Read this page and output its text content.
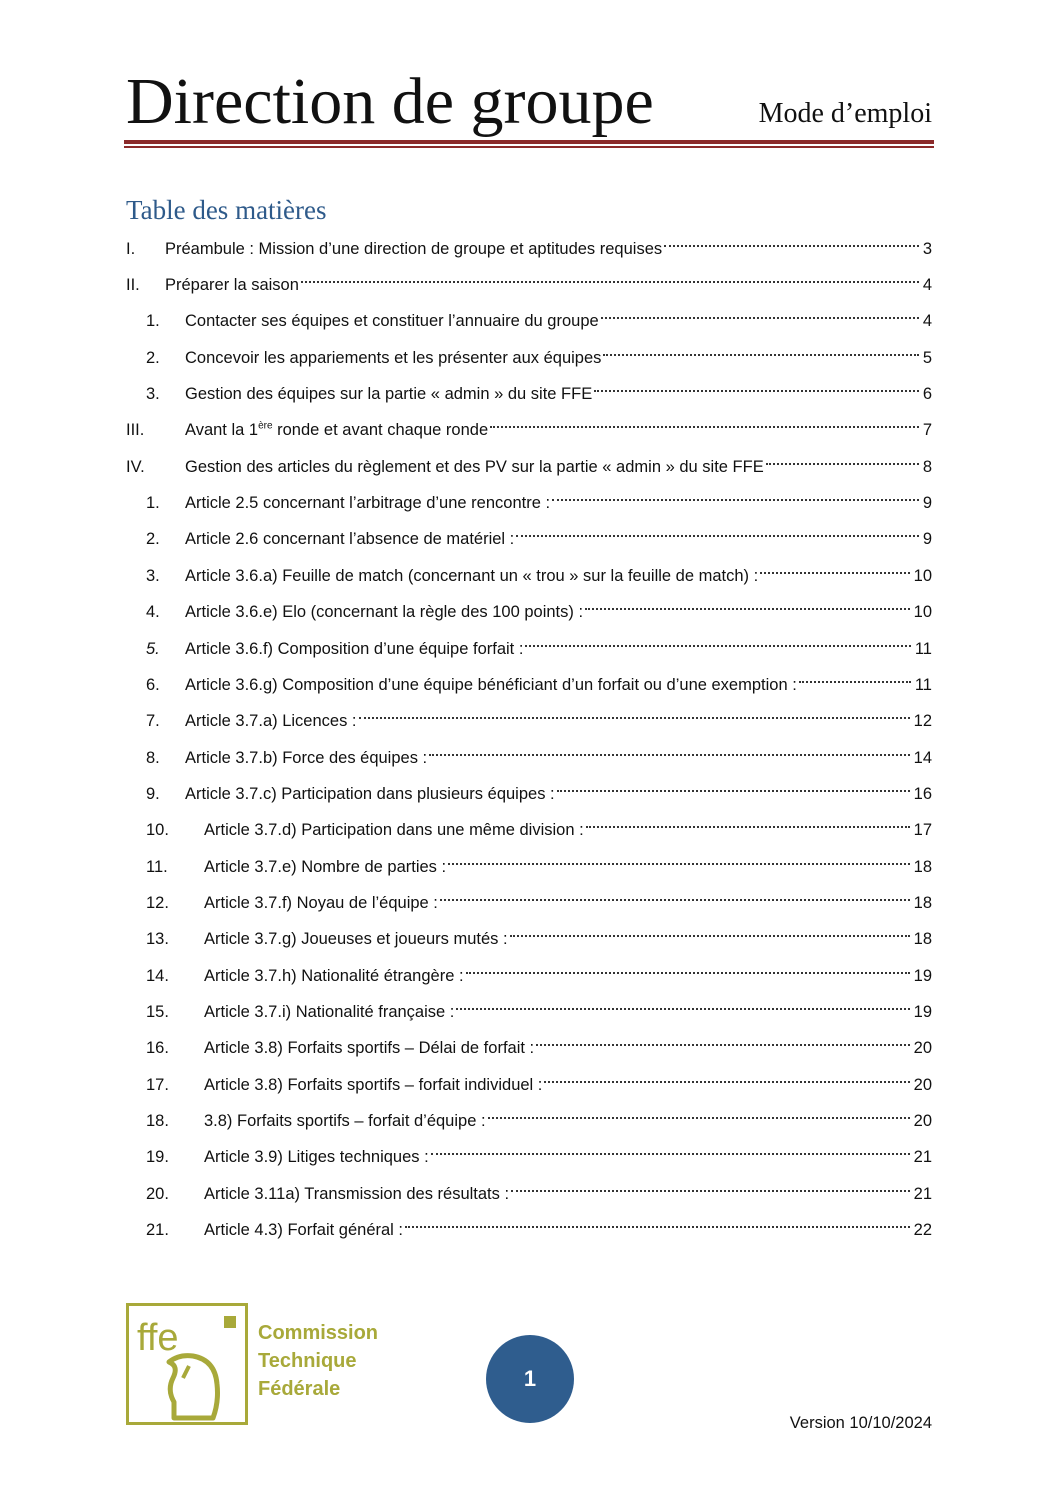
Direction de groupe	Mode d’emploi
Table des matières
I.	Préambule : Mission d’une direction de groupe et aptitudes requises	3
II.	Préparer la saison	4
1.	Contacter ses équipes et constituer l’annuaire du groupe	4
2.	Concevoir les appariements et les présenter aux équipes	5
3.	Gestion des équipes sur la partie « admin » du site FFE	6
III.	Avant la 1ère ronde et avant chaque ronde	7
IV.	Gestion des articles du règlement et des PV sur la partie « admin » du site FFE	8
1.	Article 2.5 concernant l’arbitrage d’une rencontre :	9
2.	Article 2.6 concernant l’absence de matériel :	9
3.	Article 3.6.a) Feuille de match (concernant un « trou » sur la feuille de match) :	10
4.	Article 3.6.e) Elo (concernant la règle des 100 points) :	10
5.	Article 3.6.f) Composition d’une équipe forfait :	11
6.	Article 3.6.g) Composition d’une équipe bénéficiant d’un forfait ou d’une exemption :	11
7.	Article 3.7.a) Licences :	12
8.	Article 3.7.b) Force des équipes :	14
9.	Article 3.7.c) Participation dans plusieurs équipes :	16
10.	Article 3.7.d) Participation dans une même division :	17
11.	Article 3.7.e) Nombre de parties :	18
12.	Article 3.7.f) Noyau de l’équipe :	18
13.	Article 3.7.g) Joueuses et joueurs mutés :	18
14.	Article 3.7.h) Nationalité étrangère :	19
15.	Article 3.7.i) Nationalité française :	19
16.	Article 3.8) Forfaits sportifs – Délai de forfait :	20
17.	Article 3.8) Forfaits sportifs – forfait individuel :	20
18.	3.8) Forfaits sportifs – forfait d’équipe :	20
19.	Article 3.9) Litiges techniques :	21
20.	Article 3.11a) Transmission des résultats :	21
21.	Article 4.3) Forfait général :	22
ffe	Commission
Technique
Fédérale	1
Version 10/10/2024
